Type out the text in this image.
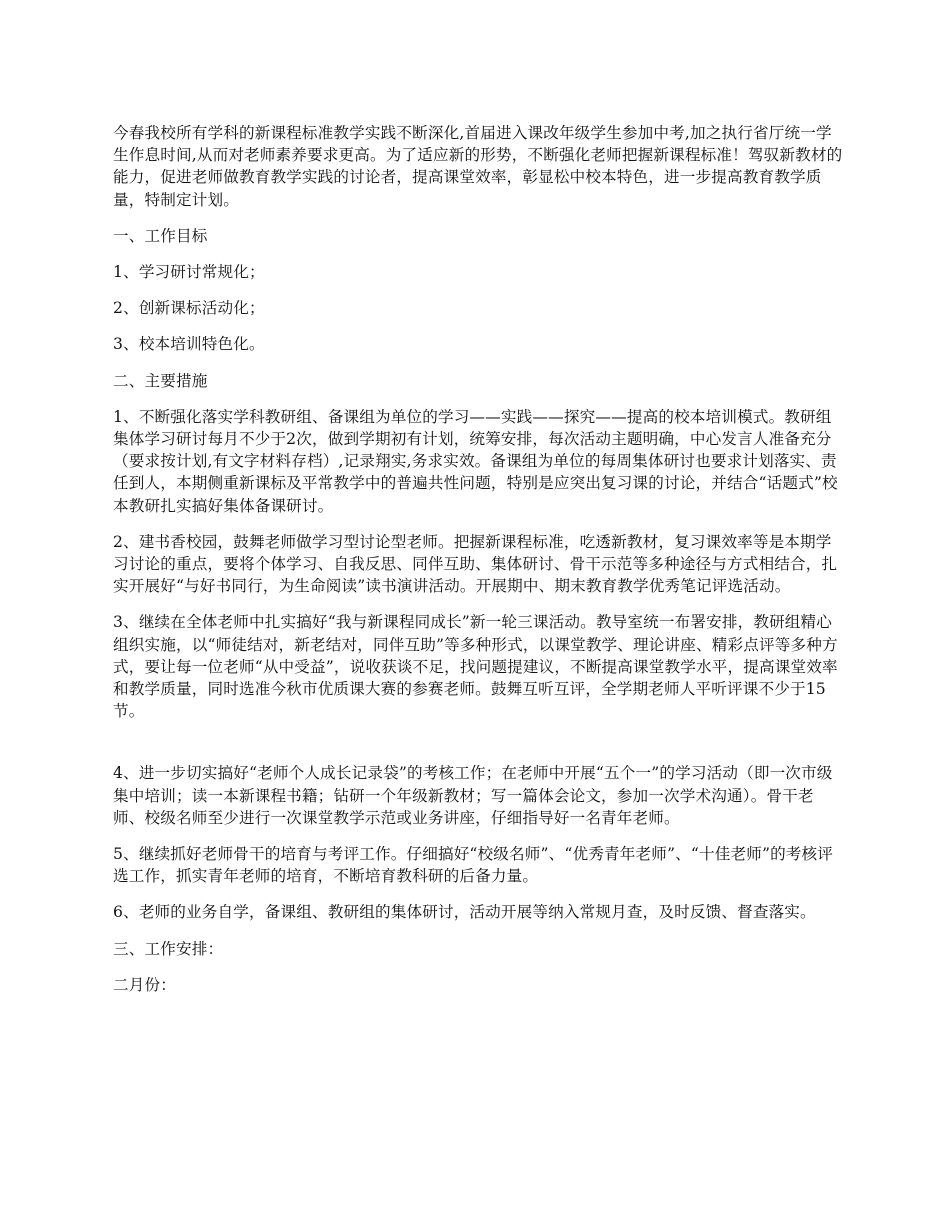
今春我校所有学科的新课程标准教学实践不断深化,首届进入课改年级学生参加中考,加之执行省厅统一学生作息时间,从而对老师素养要求更高。为了适应新的形势，不断强化老师把握新课程标准！驾驭新教材的能力，促进老师做教育教学实践的讨论者，提高课堂效率，彰显松中校本特色，进一步提高教育教学质量，特制定计划。

一、工作目标

1、学习研讨常规化；

2、创新课标活动化；

3、校本培训特色化。

二、主要措施

1、不断强化落实学科教研组、备课组为单位的学习——实践——探究——提高的校本培训模式。教研组集体学习研讨每月不少于2次，做到学期初有计划，统筹安排，每次活动主题明确，中心发言人准备充分（要求按计划,有文字材料存档）,记录翔实,务求实效。备课组为单位的每周集体研讨也要求计划落实、责任到人，本期侧重新课标及平常教学中的普遍共性问题，特别是应突出复习课的讨论，并结合“话题式”校本教研扎实搞好集体备课研讨。

2、建书香校园，鼓舞老师做学习型讨论型老师。把握新课程标准，吃透新教材，复习课效率等是本期学习讨论的重点，要将个体学习、自我反思、同伴互助、集体研讨、骨干示范等多种途径与方式相结合，扎实开展好“与好书同行，为生命阅读”读书演讲活动。开展期中、期末教育教学优秀笔记评选活动。

3、继续在全体老师中扎实搞好“我与新课程同成长”新一轮三课活动。教导室统一布署安排，教研组精心组织实施，以“师徒结对，新老结对，同伴互助”等多种形式，以课堂教学、理论讲座、精彩点评等多种方式，要让每一位老师“从中受益”，说收获谈不足，找问题提建议，不断提高课堂教学水平，提高课堂效率和教学质量，同时选准今秋市优质课大赛的参赛老师。鼓舞互听互评，全学期老师人平听评课不少于15节。

4、进一步切实搞好“老师个人成长记录袋”的考核工作；在老师中开展“五个一”的学习活动（即一次市级集中培训；读一本新课程书籍；钻研一个年级新教材；写一篇体会论文，参加一次学术沟通）。骨干老师、校级名师至少进行一次课堂教学示范或业务讲座，仔细指导好一名青年老师。

5、继续抓好老师骨干的培育与考评工作。仔细搞好“校级名师”、“优秀青年老师”、“十佳老师”的考核评选工作，抓实青年老师的培育，不断培育教科研的后备力量。

6、老师的业务自学，备课组、教研组的集体研讨，活动开展等纳入常规月查，及时反馈、督查落实。

三、工作安排：

二月份：
